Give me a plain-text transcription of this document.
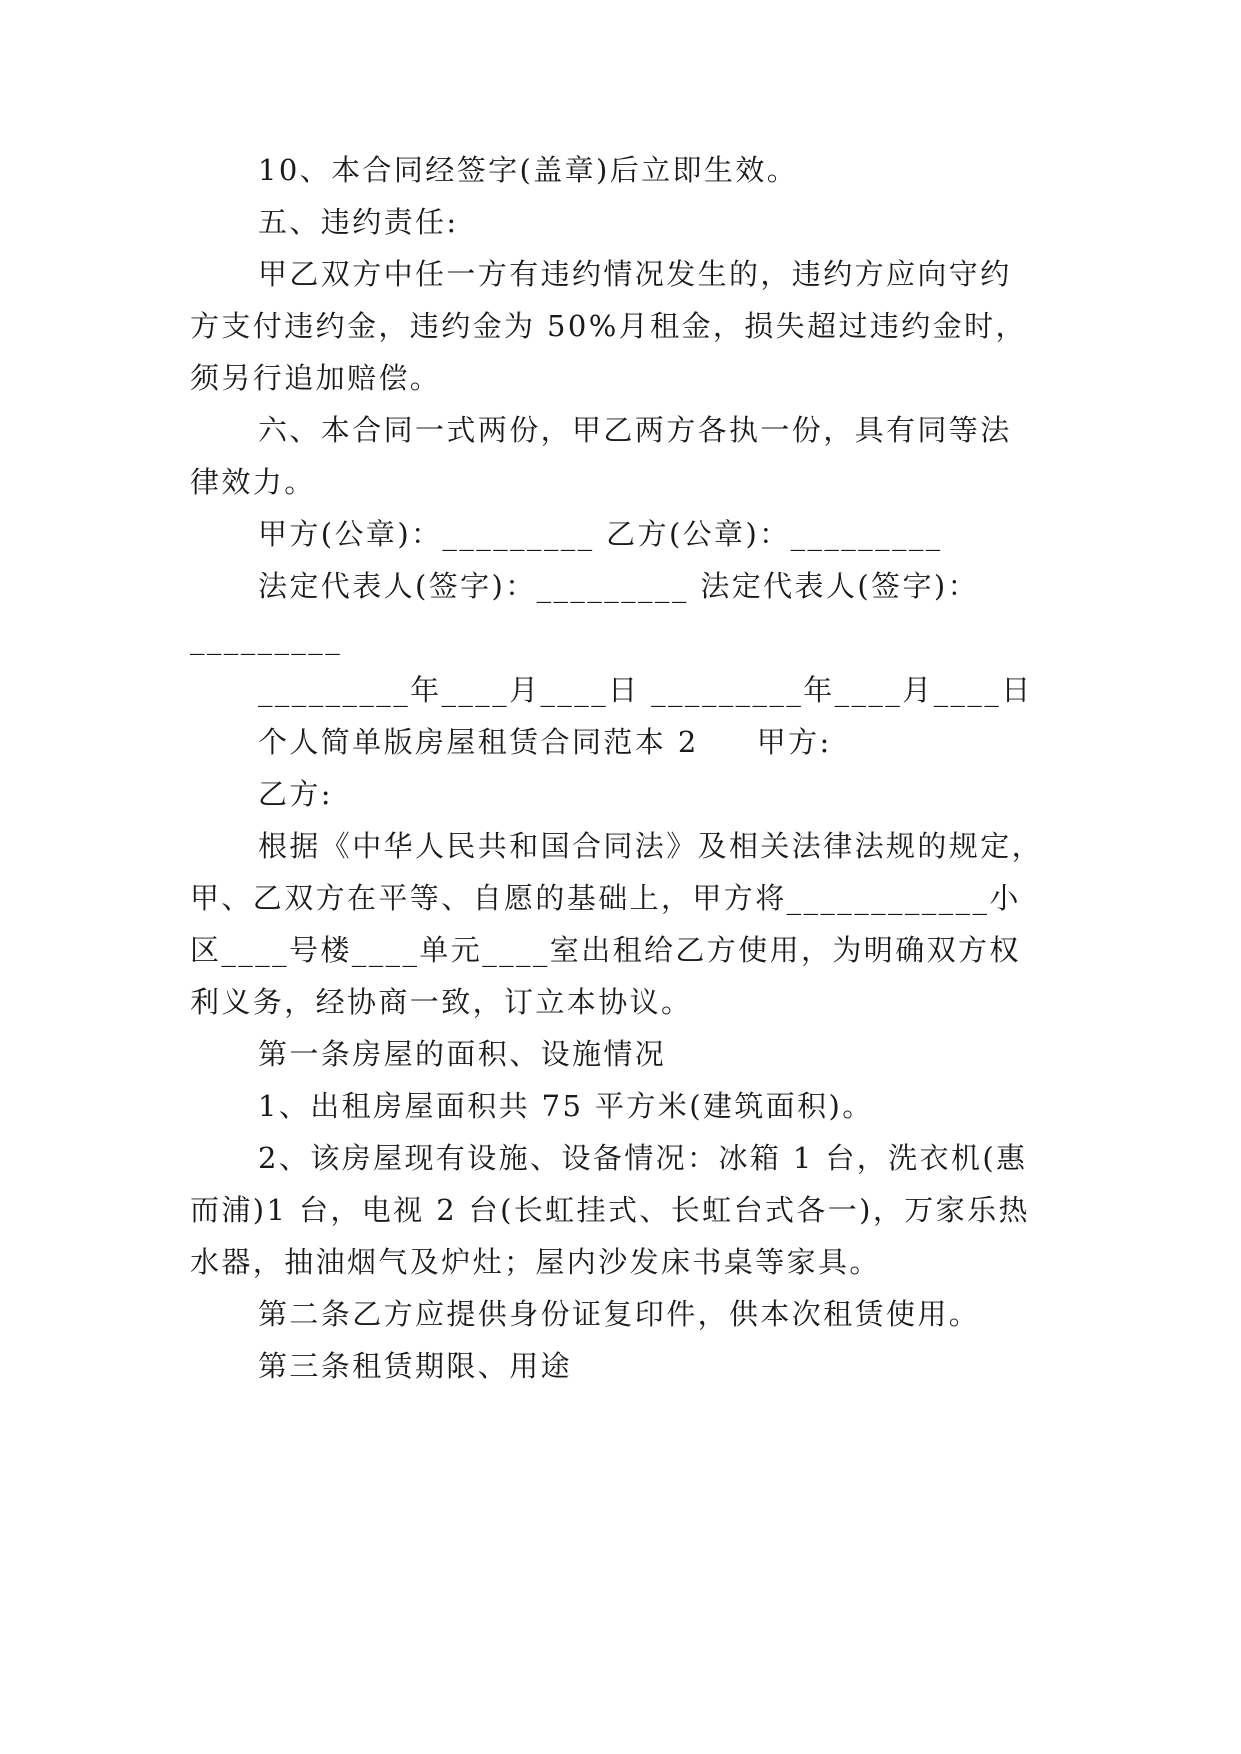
10、本合同经签字(盖章)后立即生效。
五、违约责任:
甲乙双方中任一方有违约情况发生的，违约方应向守约
方支付违约金，违约金为 50%月租金，损失超过违约金时，
须另行追加赔偿。
六、本合同一式两份，甲乙两方各执一份，具有同等法
律效力。
甲方(公章)：_________ 乙方(公章)：_________
法定代表人(签字)：_________ 法定代表人(签字)：
_________
_________年____月____日 _________年____月____日
个人简单版房屋租赁合同范本 2     甲方:
乙方:
根据《中华人民共和国合同法》及相关法律法规的规定，
甲、乙双方在平等、自愿的基础上，甲方将____________小
区____号楼____单元____室出租给乙方使用，为明确双方权
利义务，经协商一致，订立本协议。
第一条房屋的面积、设施情况
1、出租房屋面积共 75 平方米(建筑面积)。
2、该房屋现有设施、设备情况：冰箱 1 台，洗衣机(惠
而浦)1 台，电视 2 台(长虹挂式、长虹台式各一)，万家乐热
水器，抽油烟气及炉灶；屋内沙发床书桌等家具。
第二条乙方应提供身份证复印件，供本次租赁使用。
第三条租赁期限、用途
